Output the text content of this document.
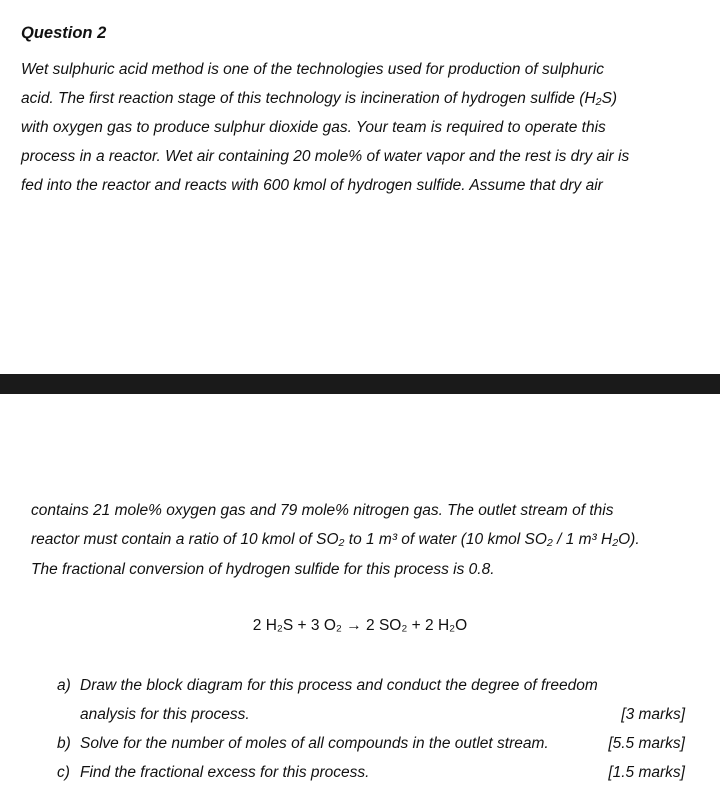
Question 2

Wet sulphuric acid method is one of the technologies used for production of sulphuric

acid. The first reaction stage of this technology is incineration of hydrogen sulfide (H₂S)

with oxygen gas to produce sulphur dioxide gas. Your team is required to operate this

process in a reactor. Wet air containing 20 mole% of water vapor and the rest is dry air is

fed into the reactor and reacts with 600 kmol of hydrogen sulfide. Assume that dry air

contains 21 mole% oxygen gas and 79 mole% nitrogen gas. The outlet stream of this

reactor must contain a ratio of 10 kmol of SO₂ to 1 m³ of water (10 kmol SO₂ / 1 m³ H₂O).

The fractional conversion of hydrogen sulfide for this process is 0.8.

2 H₂S + 3 O₂ → 2 SO₂ + 2 H₂O

a) Draw the block diagram for this process and conduct the degree of freedom
analysis for this process.	[3 marks]
b) Solve for the number of moles of all compounds in the outlet stream.	[5.5 marks]
c) Find the fractional excess for this process.	[1.5 marks]
